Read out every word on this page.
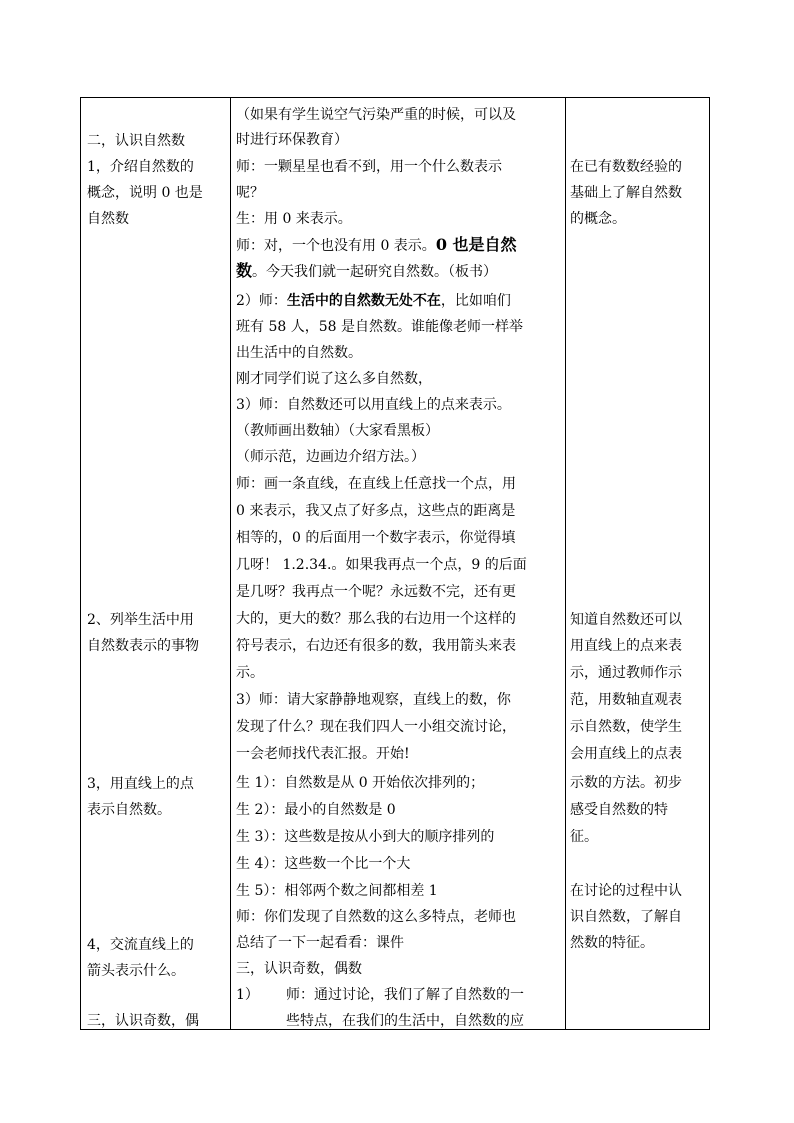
二，认识自然数
1，介绍自然数的
概念，说明 0 也是
自然数
2、列举生活中用
自然数表示的事物
3，用直线上的点
表示自然数。
4，交流直线上的
箭头表示什么。
三，认识奇数，偶
（如果有学生说空气污染严重的时候，可以及
时进行环保教育）
师：一颗星星也看不到，用一个什么数表示
呢？
生：用 0 来表示。
师：对，一个也没有用 0 表示。0 也是自然
数。今天我们就一起研究自然数。（板书）
2）师：生活中的自然数无处不在，比如咱们
班有 58 人，58 是自然数。谁能像老师一样举
出生活中的自然数。
刚才同学们说了这么多自然数，
3）师：自然数还可以用直线上的点来表示。
（教师画出数轴）（大家看黑板）
（师示范，边画边介绍方法。）
师：画一条直线，在直线上任意找一个点，用
0 来表示，我又点了好多点，这些点的距离是
相等的，0 的后面用一个数字表示，你觉得填
几呀！ 1.2.34.。如果我再点一个点，9 的后面
是几呀？我再点一个呢？永远数不完，还有更
大的，更大的数？那么我的右边用一个这样的
符号表示，右边还有很多的数，我用箭头来表
示。
3）师：请大家静静地观察，直线上的数，你
发现了什么？现在我们四人一小组交流讨论，
一会老师找代表汇报。开始!
生 1）：自然数是从 0 开始依次排列的；
生 2）：最小的自然数是 0
生 3）：这些数是按从小到大的顺序排列的
生 4）：这些数一个比一个大
生 5）：相邻两个数之间都相差 1
师：你们发现了自然数的这么多特点，老师也
总结了一下一起看看：课件
三，认识奇数，偶数
1） 师：通过讨论，我们了解了自然数的一
些特点，在我们的生活中，自然数的应
在已有数数经验的
基础上了解自然数
的概念。
知道自然数还可以
用直线上的点来表
示，通过教师作示
范，用数轴直观表
示自然数，使学生
会用直线上的点表
示数的方法。初步
感受自然数的特
征。
在讨论的过程中认
识自然数，了解自
然数的特征。
